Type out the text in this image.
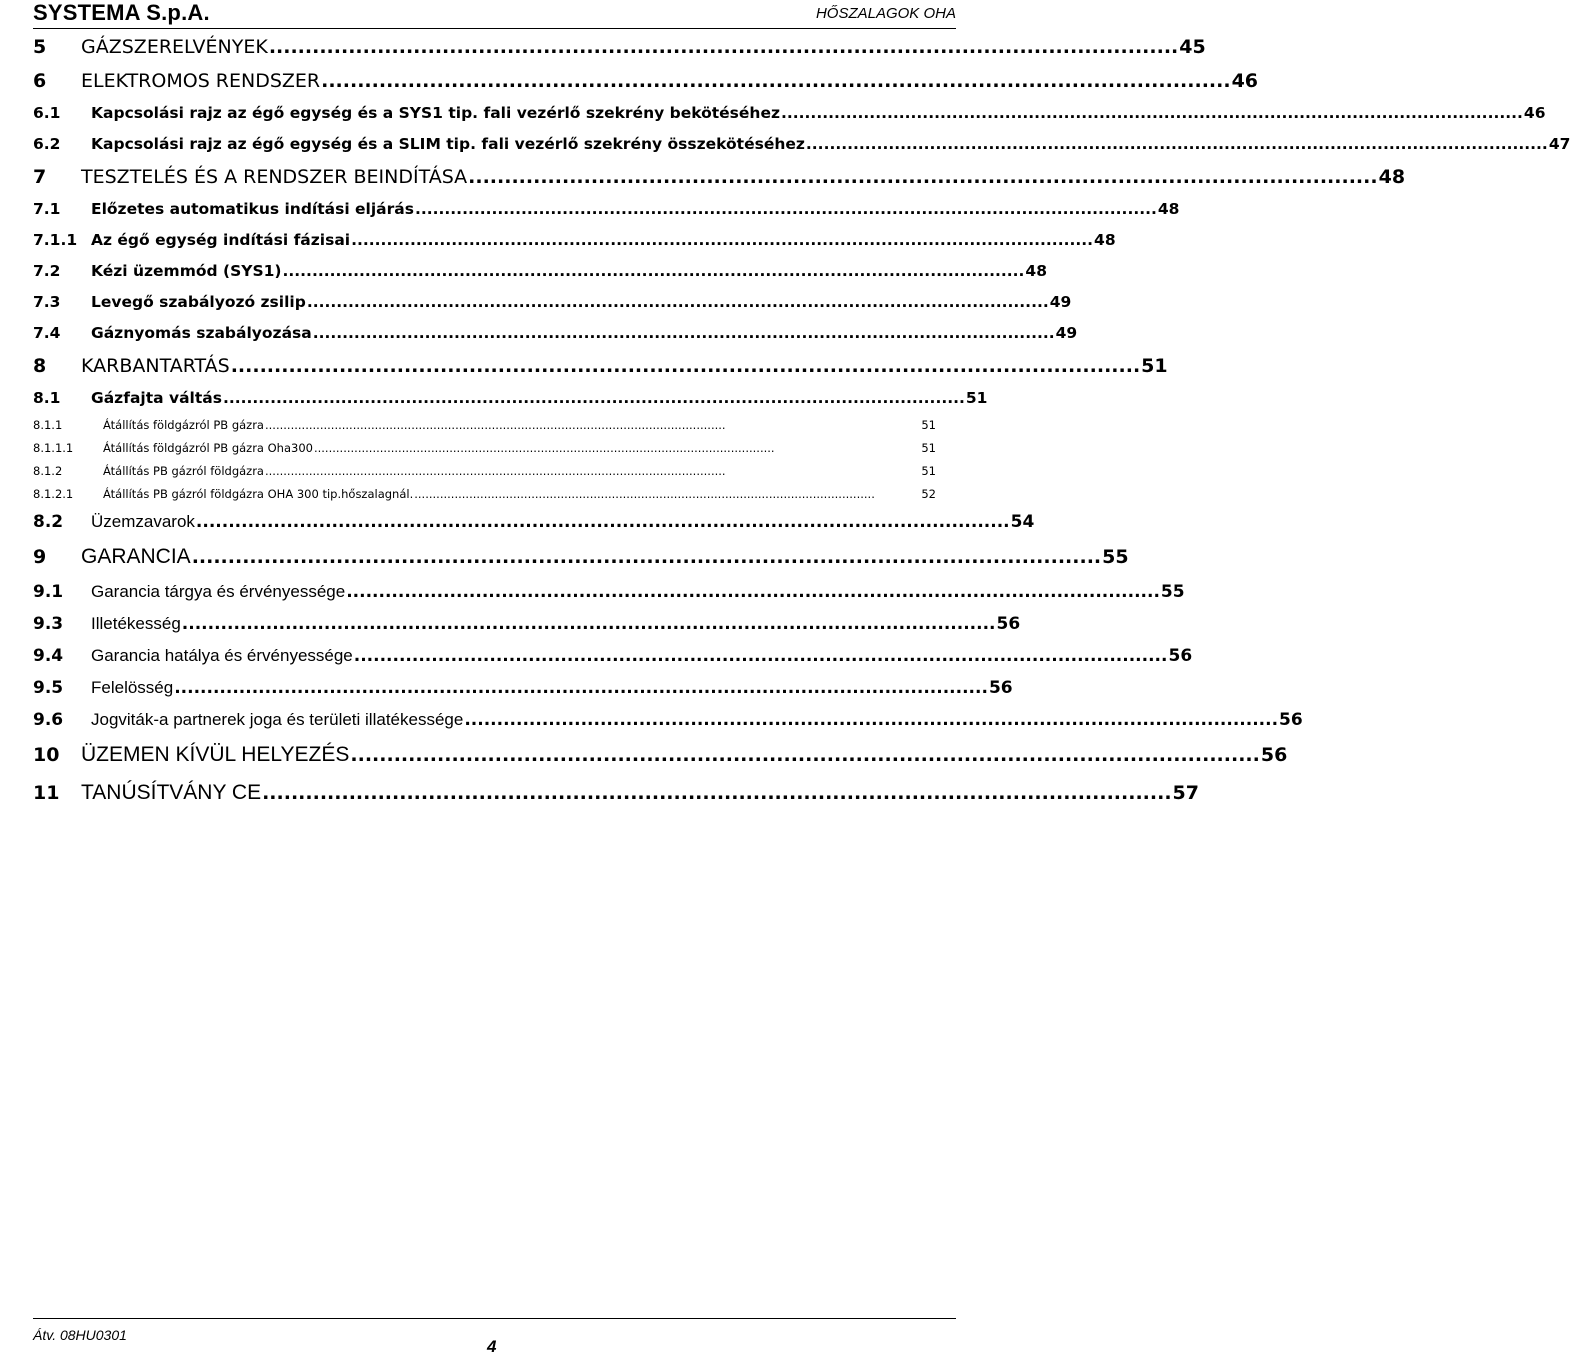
SYSTEMA S.p.A.	HŐSZALAGOK OHA
5	GÁZSZERELVÉNYEK .............................................................................................................................. 45
6	ELEKTROMOS RENDSZER .............................................................................................................................. 46
6.1	Kapcsolási rajz az égő egység és a SYS1 tip. fali vezérlő szekrény bekötéséhez .............................................................................................................................. 46
6.2	Kapcsolási rajz az égő egység és a SLIM tip. fali vezérlő szekrény összekötéséhez .............................................................................................................................. 47
7	TESZTELÉS ÉS A RENDSZER BEINDÍTÁSA .............................................................................................................................. 48
7.1	Előzetes automatikus indítási eljárás .............................................................................................................................. 48
7.1.1 Az égő egység indítási fázisai .............................................................................................................................. 48
7.2	Kézi üzemmód (SYS1) .............................................................................................................................. 48
7.3	Levegő szabályozó zsilip .............................................................................................................................. 49
7.4	Gáznyomás szabályozása .............................................................................................................................. 49
8	KARBANTARTÁS .............................................................................................................................. 51
8.1	Gázfajta váltás .............................................................................................................................. 51
8.1.1	Átállítás földgázról PB gázra ..............................................................................................................................	51
8.1.1.1	Átállítás földgázról PB gázra Oha300 ..............................................................................................................................	51
8.1.2	Átállítás PB gázról földgázra ..............................................................................................................................	51
8.1.2.1	Átállítás PB gázról földgázra OHA 300 tip.hőszalagnál. ..............................................................................................................................	52
8.2	Üzemzavarok .............................................................................................................................. 54
9	GARANCIA .............................................................................................................................. 55
9.1	Garancia tárgya és érvényessége .............................................................................................................................. 55
9.3	Illetékesség .............................................................................................................................. 56
9.4	Garancia hatálya és érvényessége .............................................................................................................................. 56
9.5	Felelösség .............................................................................................................................. 56
9.6	Jogviták-a partnerek joga és területi illatékessége .............................................................................................................................. 56
10	ÜZEMEN KÍVÜL HELYEZÉS .............................................................................................................................. 56
11	TANÚSÍTVÁNY CE .............................................................................................................................. 57
Átv. 08HU0301
4
